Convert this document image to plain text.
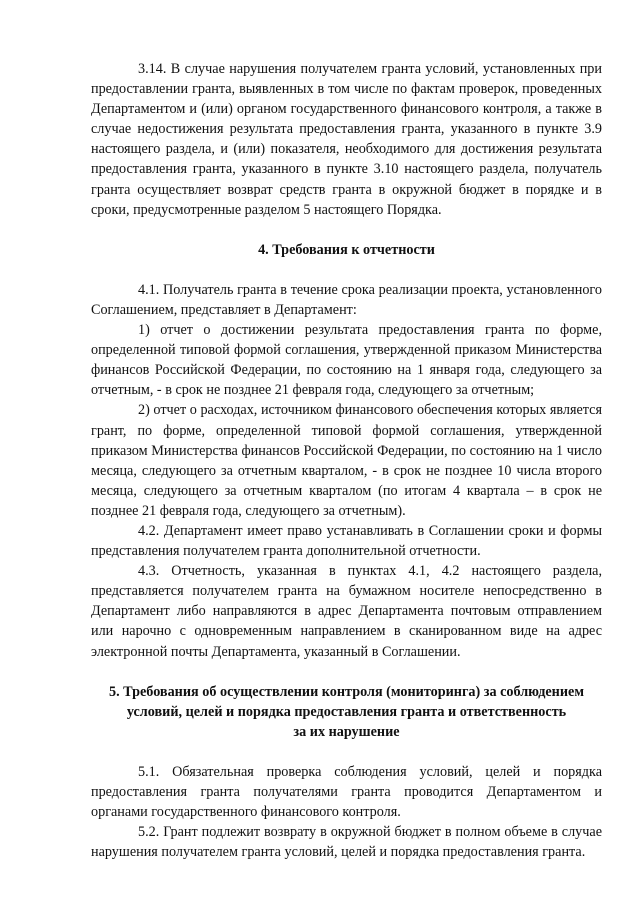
3.14. В случае нарушения получателем гранта условий, установленных при предоставлении гранта, выявленных в том числе по фактам проверок, проведенных Департаментом и (или) органом государственного финансового контроля, а также в случае недостижения результата предоставления гранта, указанного в пункте 3.9 настоящего раздела, и (или) показателя, необходимого для достижения результата предоставления гранта, указанного в пункте 3.10 настоящего раздела, получатель гранта осуществляет возврат средств гранта в окружной бюджет в порядке и в сроки, предусмотренные разделом 5 настоящего Порядка.

4. Требования к отчетности

4.1. Получатель гранта в течение срока реализации проекта, установленного Соглашением, представляет в Департамент:

1) отчет о достижении результата предоставления гранта по форме, определенной типовой формой соглашения, утвержденной приказом Министерства финансов Российской Федерации, по состоянию на 1 января года, следующего за отчетным, - в срок не позднее 21 февраля года, следующего за отчетным;

2) отчет о расходах, источником финансового обеспечения которых является грант, по форме, определенной типовой формой соглашения, утвержденной приказом Министерства финансов Российской Федерации, по состоянию на 1 число месяца, следующего за отчетным кварталом, - в срок не позднее 10 числа второго месяца, следующего за отчетным кварталом (по итогам 4 квартала – в срок не позднее 21 февраля года, следующего за отчетным).

4.2. Департамент имеет право устанавливать в Соглашении сроки и формы представления получателем гранта дополнительной отчетности.

4.3. Отчетность, указанная в пунктах 4.1, 4.2 настоящего раздела, представляется получателем гранта на бумажном носителе непосредственно в Департамент либо направляются в адрес Департамента почтовым отправлением или нарочно с одновременным направлением в сканированном виде на адрес электронной почты Департамента, указанный в Соглашении.

5. Требования об осуществлении контроля (мониторинга) за соблюдением
условий, целей и порядка предоставления гранта и ответственность
за их нарушение

5.1. Обязательная проверка соблюдения условий, целей и порядка предоставления гранта получателями гранта проводится Департаментом и органами государственного финансового контроля.

5.2. Грант подлежит возврату в окружной бюджет в полном объеме в случае нарушения получателем гранта условий, целей и порядка предоставления гранта.
